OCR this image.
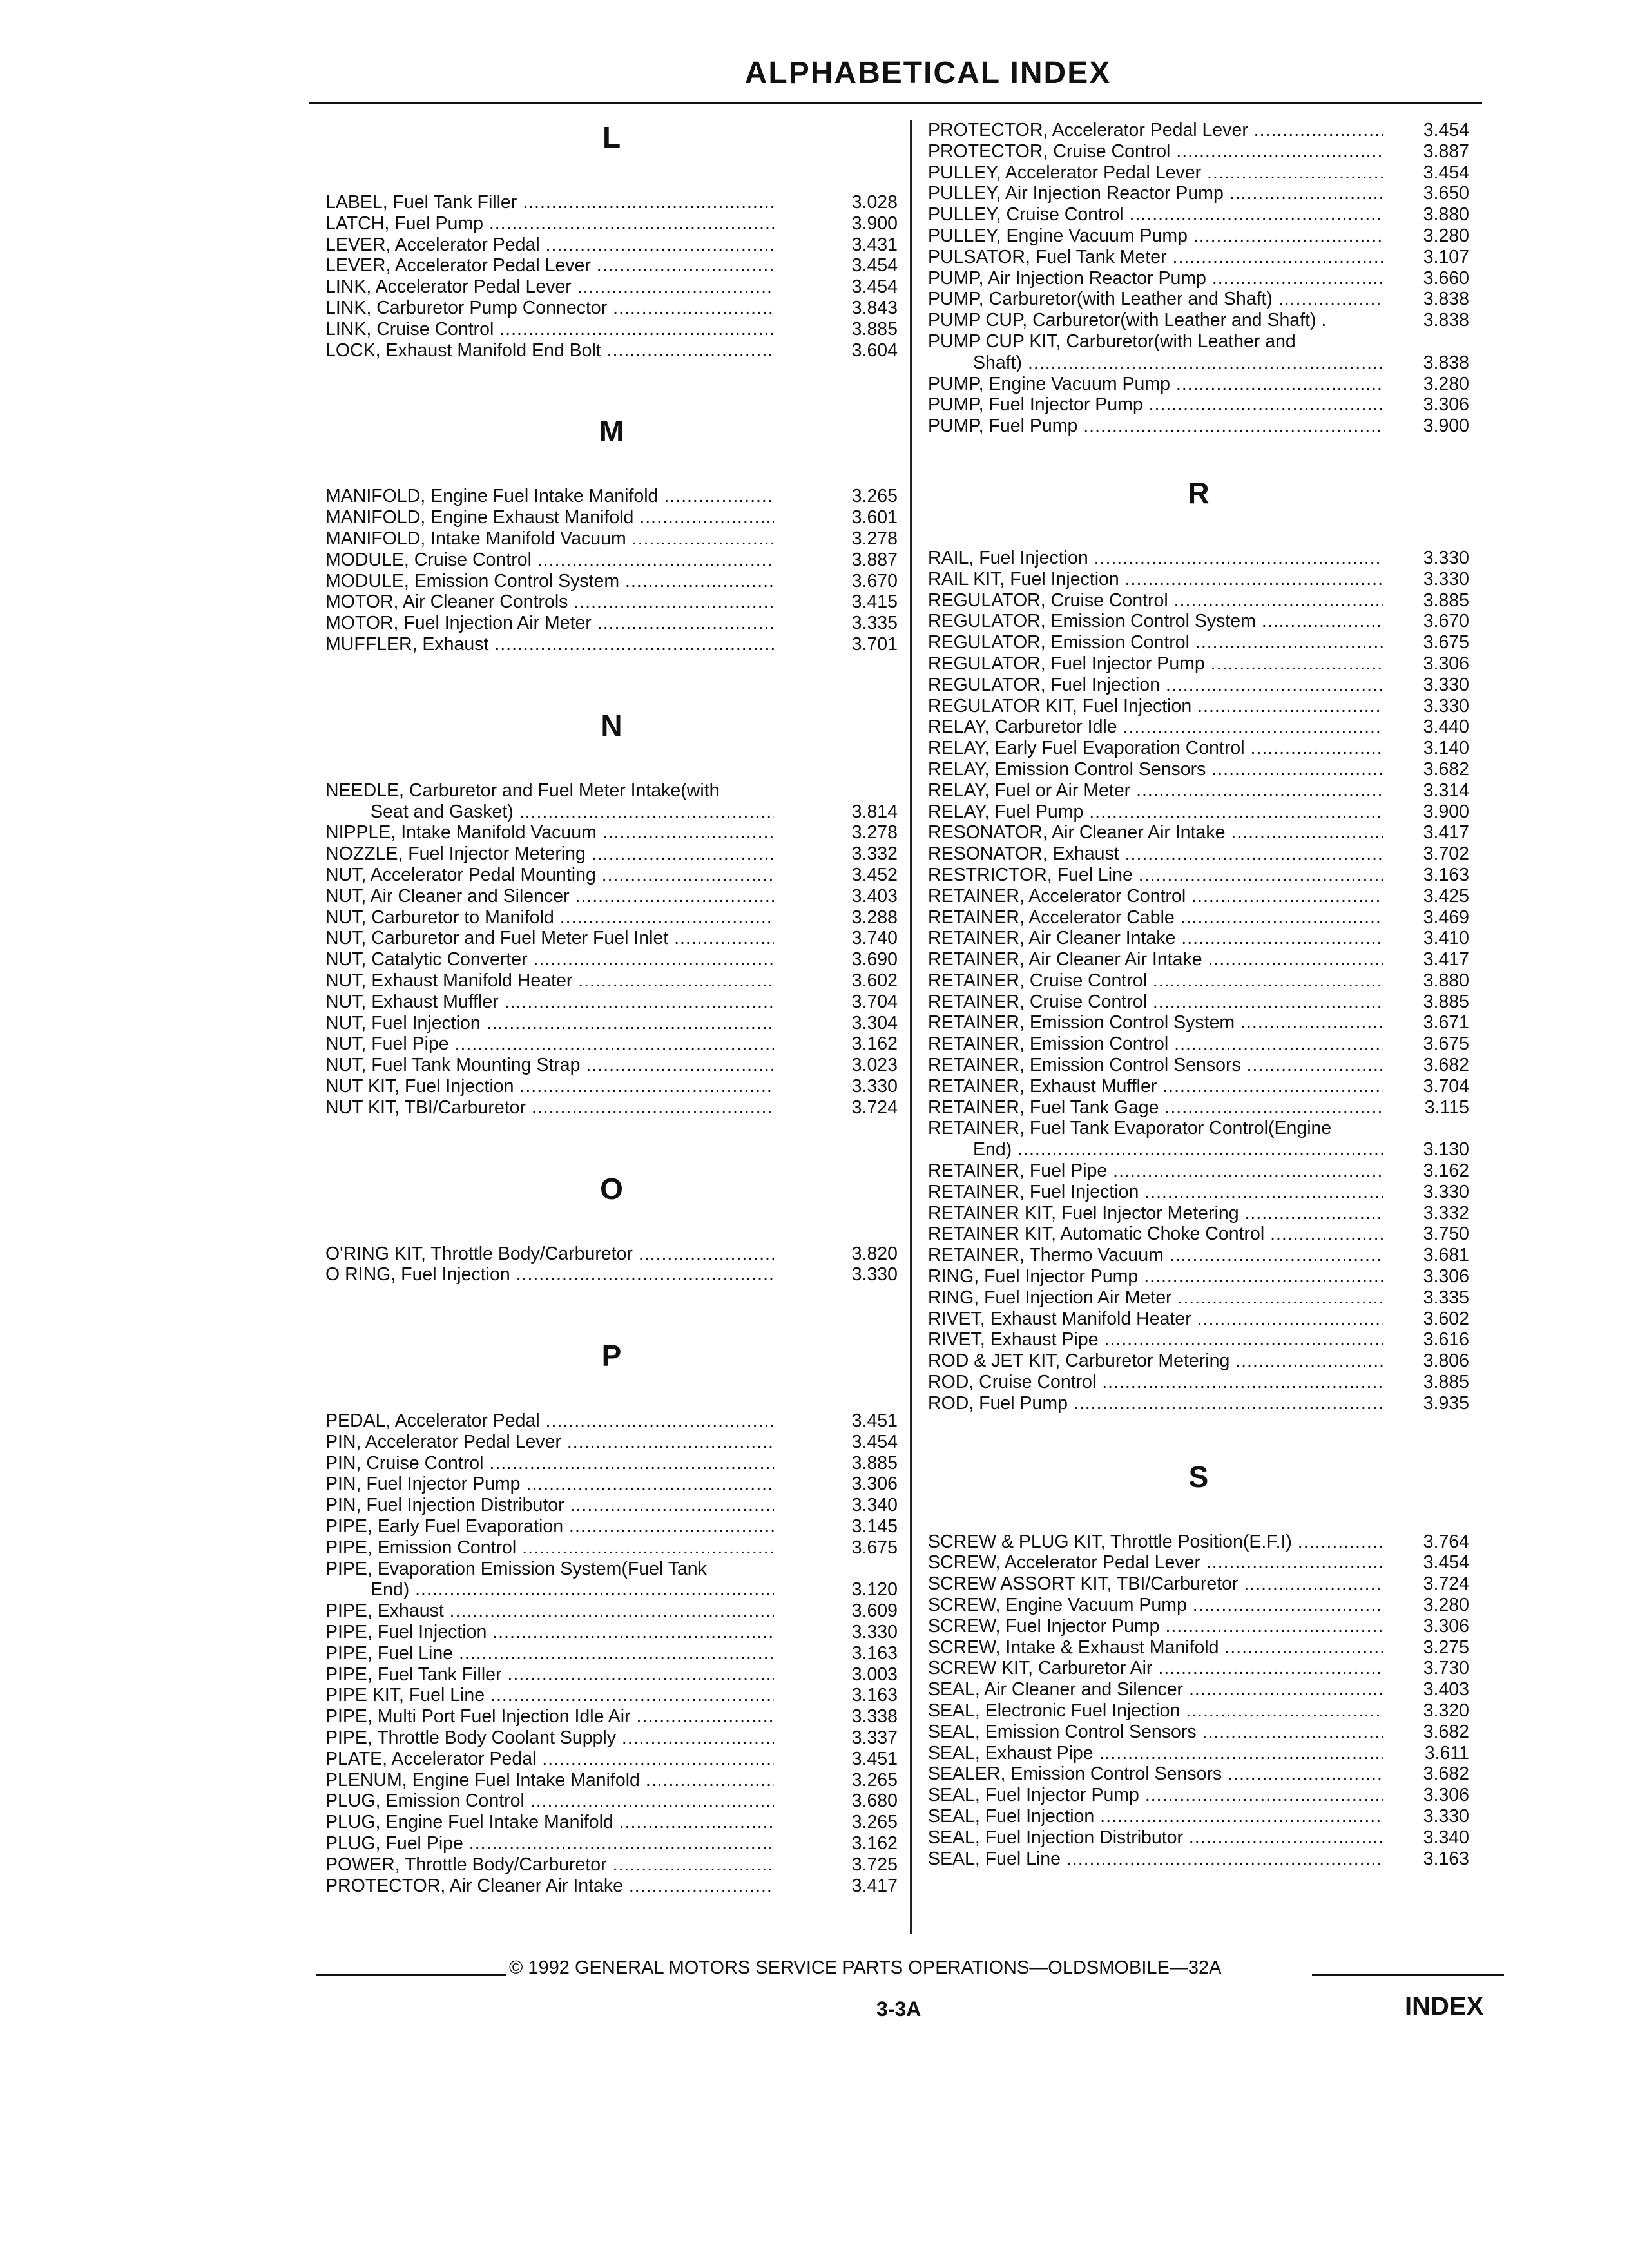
ALPHABETICAL INDEX
L
LABEL, Fuel Tank Filler .....	3.028
LATCH, Fuel Pump .....	3.900
LEVER, Accelerator Pedal .....	3.431
LEVER, Accelerator Pedal Lever .....	3.454
LINK, Accelerator Pedal Lever .....	3.454
LINK, Carburetor Pump Connector .....	3.843
LINK, Cruise Control .....	3.885
LOCK, Exhaust Manifold End Bolt .....	3.604
M
MANIFOLD, Engine Fuel Intake Manifold .....	3.265
MANIFOLD, Engine Exhaust Manifold .....	3.601
MANIFOLD, Intake Manifold Vacuum .....	3.278
MODULE, Cruise Control .....	3.887
MODULE, Emission Control System .....	3.670
MOTOR, Air Cleaner Controls .....	3.415
MOTOR, Fuel Injection Air Meter .....	3.335
MUFFLER, Exhaust .....	3.701
N
NEEDLE, Carburetor and Fuel Meter Intake(with
Seat and Gasket) .....	3.814
NIPPLE, Intake Manifold Vacuum .....	3.278
NOZZLE, Fuel Injector Metering .....	3.332
NUT, Accelerator Pedal Mounting .....	3.452
NUT, Air Cleaner and Silencer .....	3.403
NUT, Carburetor to Manifold .....	3.288
NUT, Carburetor and Fuel Meter Fuel Inlet .....	3.740
NUT, Catalytic Converter .....	3.690
NUT, Exhaust Manifold Heater .....	3.602
NUT, Exhaust Muffler .....	3.704
NUT, Fuel Injection .....	3.304
NUT, Fuel Pipe .....	3.162
NUT, Fuel Tank Mounting Strap .....	3.023
NUT KIT, Fuel Injection .....	3.330
NUT KIT, TBI/Carburetor .....	3.724
O
O'RING KIT, Throttle Body/Carburetor .....	3.820
O RING, Fuel Injection .....	3.330
P
PEDAL, Accelerator Pedal .....	3.451
PIN, Accelerator Pedal Lever .....	3.454
PIN, Cruise Control .....	3.885
PIN, Fuel Injector Pump .....	3.306
PIN, Fuel Injection Distributor .....	3.340
PIPE, Early Fuel Evaporation .....	3.145
PIPE, Emission Control .....	3.675
PIPE, Evaporation Emission System(Fuel Tank
End) .....	3.120
PIPE, Exhaust .....	3.609
PIPE, Fuel Injection .....	3.330
PIPE, Fuel Line .....	3.163
PIPE, Fuel Tank Filler .....	3.003
PIPE KIT, Fuel Line .....	3.163
PIPE, Multi Port Fuel Injection Idle Air .....	3.338
PIPE, Throttle Body Coolant Supply .....	3.337
PLATE, Accelerator Pedal .....	3.451
PLENUM, Engine Fuel Intake Manifold .....	3.265
PLUG, Emission Control .....	3.680
PLUG, Engine Fuel Intake Manifold .....	3.265
PLUG, Fuel Pipe .....	3.162
POWER, Throttle Body/Carburetor .....	3.725
PROTECTOR, Air Cleaner Air Intake .....	3.417
PROTECTOR, Accelerator Pedal Lever .....	3.454
PROTECTOR, Cruise Control .....	3.887
PULLEY, Accelerator Pedal Lever .....	3.454
PULLEY, Air Injection Reactor Pump .....	3.650
PULLEY, Cruise Control .....	3.880
PULLEY, Engine Vacuum Pump .....	3.280
PULSATOR, Fuel Tank Meter .....	3.107
PUMP, Air Injection Reactor Pump .....	3.660
PUMP, Carburetor(with Leather and Shaft) .....	3.838
PUMP CUP, Carburetor(with Leather and Shaft) .	3.838
PUMP CUP KIT, Carburetor(with Leather and
Shaft) .....	3.838
PUMP, Engine Vacuum Pump .....	3.280
PUMP, Fuel Injector Pump .....	3.306
PUMP, Fuel Pump .....	3.900
R
RAIL, Fuel Injection .....	3.330
RAIL KIT, Fuel Injection .....	3.330
REGULATOR, Cruise Control .....	3.885
REGULATOR, Emission Control System .....	3.670
REGULATOR, Emission Control .....	3.675
REGULATOR, Fuel Injector Pump .....	3.306
REGULATOR, Fuel Injection .....	3.330
REGULATOR KIT, Fuel Injection .....	3.330
RELAY, Carburetor Idle .....	3.440
RELAY, Early Fuel Evaporation Control .....	3.140
RELAY, Emission Control Sensors .....	3.682
RELAY, Fuel or Air Meter .....	3.314
RELAY, Fuel Pump .....	3.900
RESONATOR, Air Cleaner Air Intake .....	3.417
RESONATOR, Exhaust .....	3.702
RESTRICTOR, Fuel Line .....	3.163
RETAINER, Accelerator Control .....	3.425
RETAINER, Accelerator Cable .....	3.469
RETAINER, Air Cleaner Intake .....	3.410
RETAINER, Air Cleaner Air Intake .....	3.417
RETAINER, Cruise Control .....	3.880
RETAINER, Cruise Control .....	3.885
RETAINER, Emission Control System .....	3.671
RETAINER, Emission Control .....	3.675
RETAINER, Emission Control Sensors .....	3.682
RETAINER, Exhaust Muffler .....	3.704
RETAINER, Fuel Tank Gage .....	3.115
RETAINER, Fuel Tank Evaporator Control(Engine
End) .....	3.130
RETAINER, Fuel Pipe .....	3.162
RETAINER, Fuel Injection .....	3.330
RETAINER KIT, Fuel Injector Metering .....	3.332
RETAINER KIT, Automatic Choke Control .....	3.750
RETAINER, Thermo Vacuum .....	3.681
RING, Fuel Injector Pump .....	3.306
RING, Fuel Injection Air Meter .....	3.335
RIVET, Exhaust Manifold Heater .....	3.602
RIVET, Exhaust Pipe .....	3.616
ROD & JET KIT, Carburetor Metering .....	3.806
ROD, Cruise Control .....	3.885
ROD, Fuel Pump .....	3.935
S
SCREW & PLUG KIT, Throttle Position(E.F.I) .....	3.764
SCREW, Accelerator Pedal Lever .....	3.454
SCREW ASSORT KIT, TBI/Carburetor .....	3.724
SCREW, Engine Vacuum Pump .....	3.280
SCREW, Fuel Injector Pump .....	3.306
SCREW, Intake & Exhaust Manifold .....	3.275
SCREW KIT, Carburetor Air .....	3.730
SEAL, Air Cleaner and Silencer .....	3.403
SEAL, Electronic Fuel Injection .....	3.320
SEAL, Emission Control Sensors .....	3.682
SEAL, Exhaust Pipe .....	3.611
SEALER, Emission Control Sensors .....	3.682
SEAL, Fuel Injector Pump .....	3.306
SEAL, Fuel Injection .....	3.330
SEAL, Fuel Injection Distributor .....	3.340
SEAL, Fuel Line .....	3.163
© 1992 GENERAL MOTORS SERVICE PARTS OPERATIONS—OLDSMOBILE—32A
3-3A	INDEX
